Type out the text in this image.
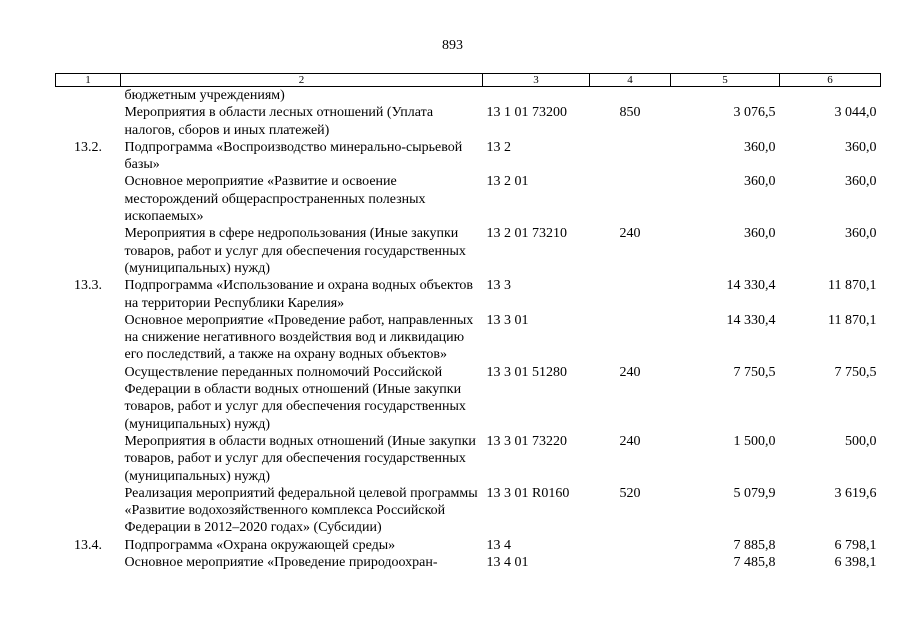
893
1	2	3	4	5	6
	бюджетным учреждениям)				
	Мероприятия в области лесных отношений (Уплата налогов, сборов и иных платежей)	13 1 01 73200	850	3 076,5	3 044,0
13.2.	Подпрограмма «Воспроизводство минерально-сырьевой базы»	13 2		360,0	360,0
	Основное мероприятие «Развитие и освоение месторождений общераспространенных полезных ископаемых»	13 2 01		360,0	360,0
	Мероприятия в сфере недропользования (Иные закупки товаров, работ и услуг для обеспечения государственных (муниципальных) нужд)	13 2 01 73210	240	360,0	360,0
13.3.	Подпрограмма «Использование и охрана водных объектов на территории Республики Карелия»	13 3		14 330,4	11 870,1
	Основное мероприятие «Проведение работ, направленных на снижение негативного воздействия вод и ликвидацию его последствий, а также на охрану водных объектов»	13 3 01		14 330,4	11 870,1
	Осуществление переданных полномочий Российской Федерации в области водных отношений (Иные закупки товаров, работ и услуг для обеспечения государственных (муниципальных) нужд)	13 3 01 51280	240	7 750,5	7 750,5
	Мероприятия в области водных отношений (Иные закупки товаров, работ и услуг для обеспечения государственных (муниципальных) нужд)	13 3 01 73220	240	1 500,0	500,0
	Реализация мероприятий федеральной целевой программы «Развитие водохозяйственного комплекса Российской Федерации в 2012–2020 годах» (Субсидии)	13 3 01 R0160	520	5 079,9	3 619,6
13.4.	Подпрограмма «Охрана окружающей среды»	13 4		7 885,8	6 798,1
	Основное мероприятие «Проведение природоохран-	13 4 01		7 485,8	6 398,1
